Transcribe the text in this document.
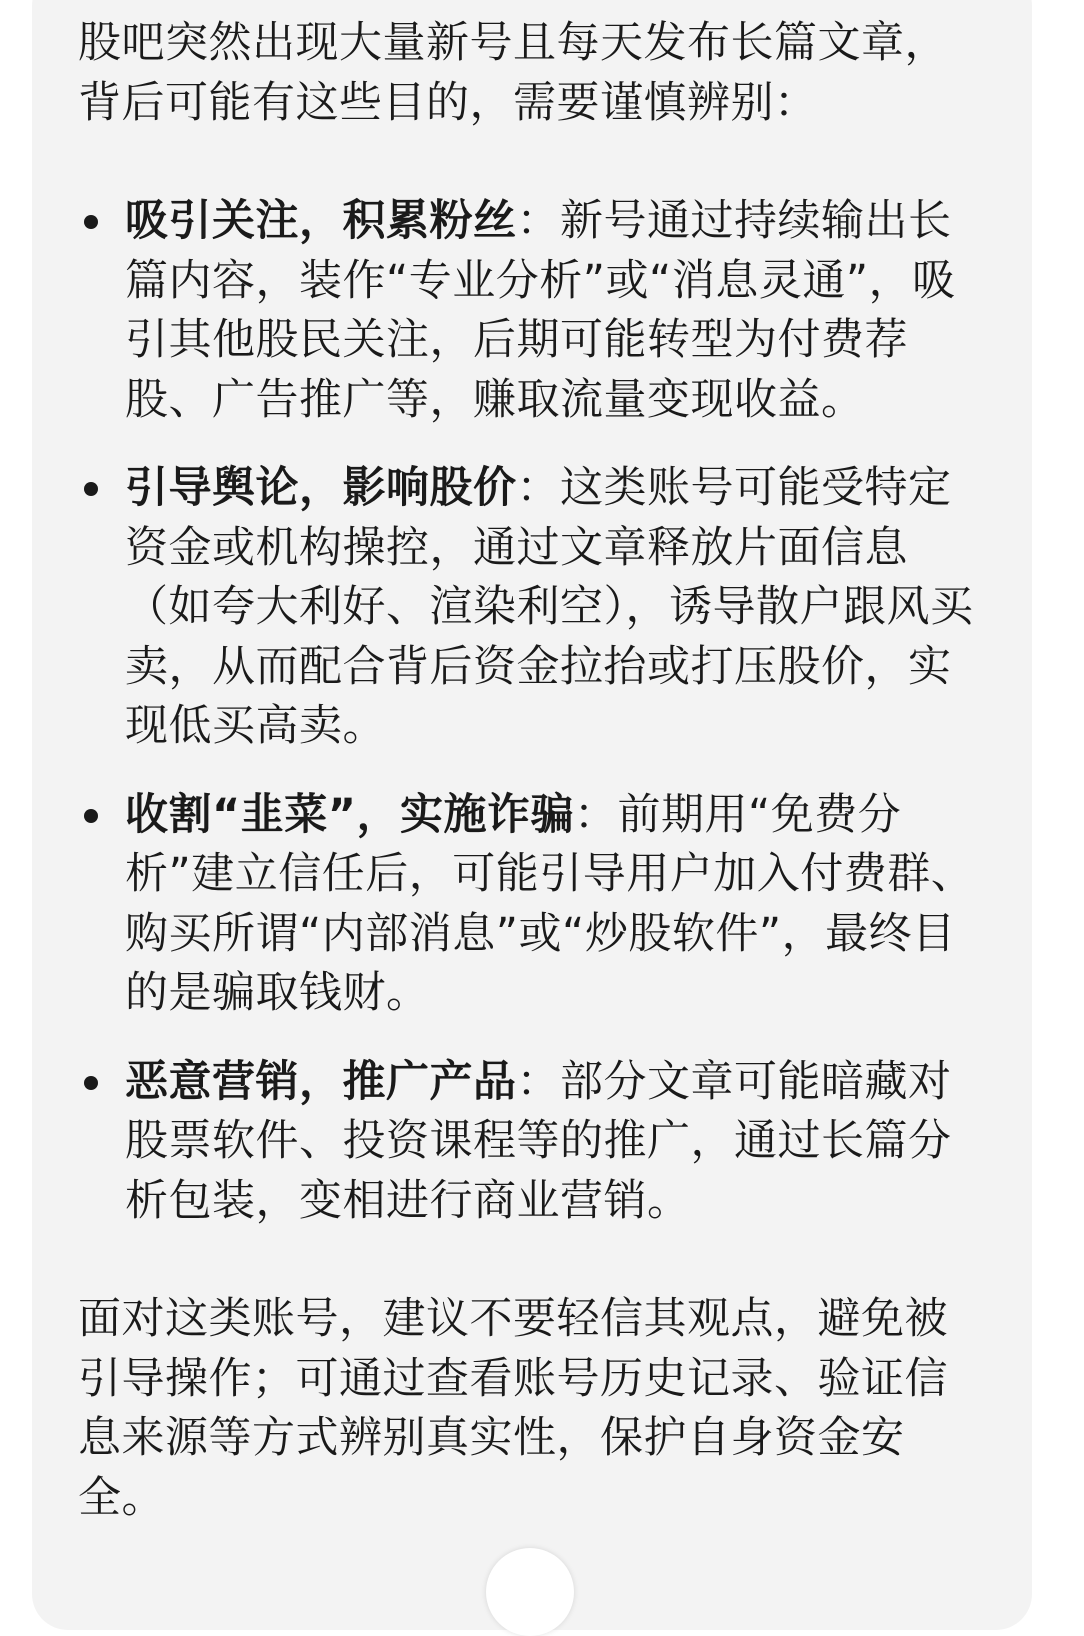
股吧突然出现大量新号且每天发布长篇文章，背后可能有这些目的，需要谨慎辨别：

吸引关注，积累粉丝：新号通过持续输出长篇内容，装作“专业分析”或“消息灵通”，吸引其他股民关注，后期可能转型为付费荐股、广告推广等，赚取流量变现收益。
引导舆论，影响股价：这类账号可能受特定资金或机构操控，通过文章释放片面信息（如夸大利好、渲染利空），诱导散户跟风买卖，从而配合背后资金拉抬或打压股价，实现低买高卖。
收割“韭菜”，实施诈骗：前期用“免费分析”建立信任后，可能引导用户加入付费群、购买所谓“内部消息”或“炒股软件”，最终目的是骗取钱财。
恶意营销，推广产品：部分文章可能暗藏对股票软件、投资课程等的推广，通过长篇分析包装，变相进行商业营销。

面对这类账号，建议不要轻信其观点，避免被引导操作；可通过查看账号历史记录、验证信息来源等方式辨别真实性，保护自身资金安全。
